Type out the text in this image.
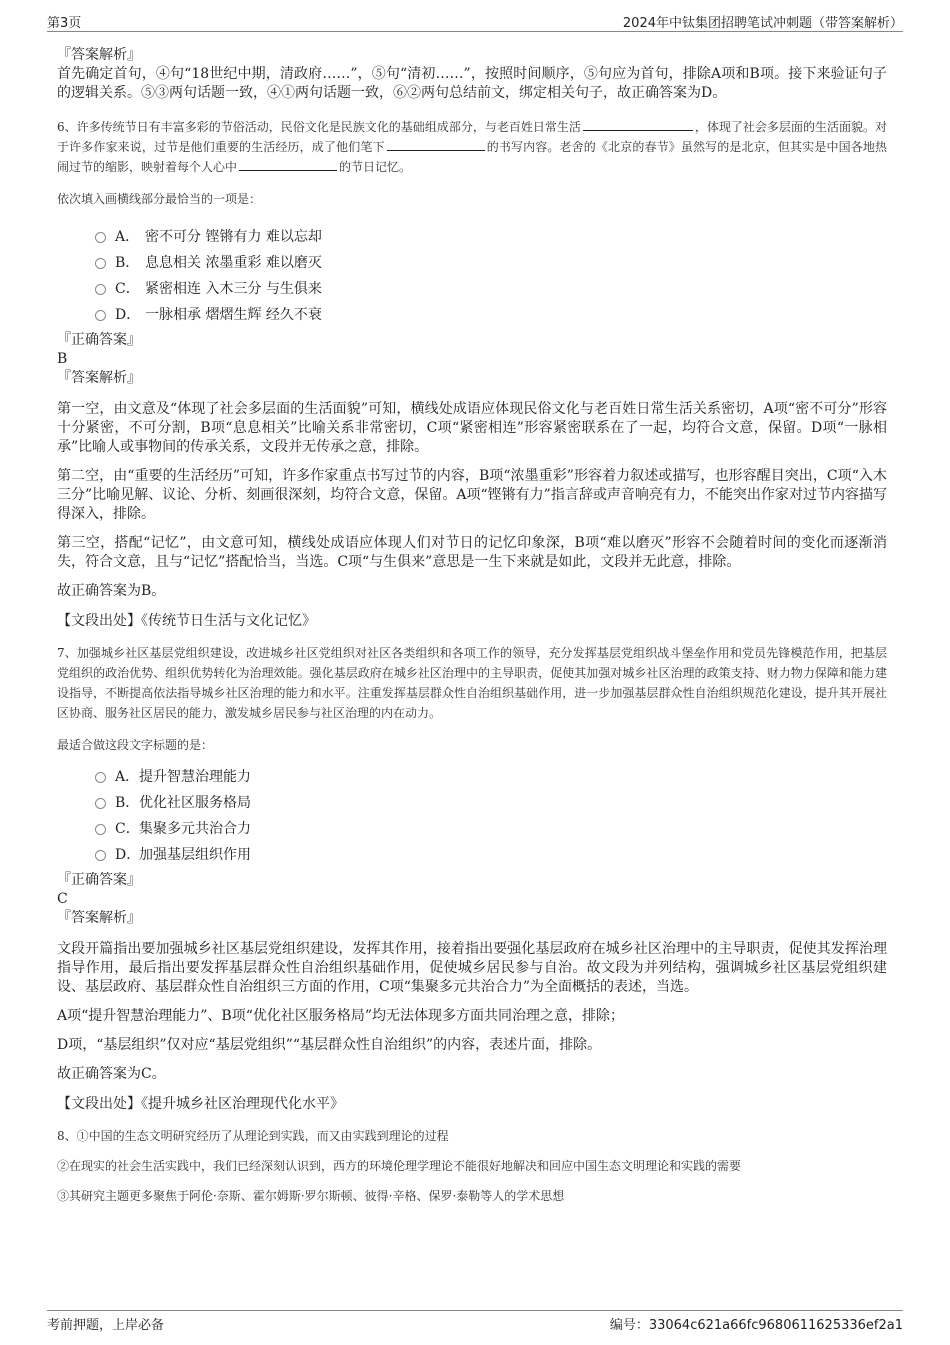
第3页	2024年中钛集团招聘笔试冲刺题（带答案解析）

『答案解析』

首先确定首句，④句“18世纪中期，清政府……”，⑤句“清初……”，按照时间顺序，⑤句应为首句，排除A项和B项。接下来验证句子的逻辑关系。⑤③两句话题一致，④①两句话题一致，⑥②两句总结前文，绑定相关句子，故正确答案为D。

6、许多传统节日有丰富多彩的节俗活动，民俗文化是民族文化的基础组成部分，与老百姓日常生活	，体现了社会多层面的生活面貌。对于许多作家来说，过节是他们重要的生活经历，成了他们笔下	的书写内容。老舍的《北京的春节》虽然写的是北京，但其实是中国各地热闹过节的缩影，映射着每个人心中	的节日记忆。

依次填入画横线部分最恰当的一项是：

A． 密不可分 铿锵有力 难以忘却
B． 息息相关 浓墨重彩 难以磨灭
C． 紧密相连 入木三分 与生俱来
D． 一脉相承 熠熠生辉 经久不衰

『正确答案』

B

『答案解析』

第一空，由文意及“体现了社会多层面的生活面貌”可知，横线处成语应体现民俗文化与老百姓日常生活关系密切，A项“密不可分”形容十分紧密，不可分割，B项“息息相关”比喻关系非常密切，C项“紧密相连”形容紧密联系在了一起，均符合文意，保留。D项“一脉相承”比喻人或事物间的传承关系，文段并无传承之意，排除。

第二空，由“重要的生活经历”可知，许多作家重点书写过节的内容，B项“浓墨重彩”形容着力叙述或描写，也形容醒目突出，C项“入木三分”比喻见解、议论、分析、刻画很深刻，均符合文意，保留。A项“铿锵有力”指言辞或声音响亮有力，不能突出作家对过节内容描写得深入，排除。

第三空，搭配“记忆”，由文意可知，横线处成语应体现人们对节日的记忆印象深，B项“难以磨灭”形容不会随着时间的变化而逐渐消失，符合文意，且与“记忆”搭配恰当，当选。C项“与生俱来”意思是一生下来就是如此，文段并无此意，排除。

故正确答案为B。

【文段出处】《传统节日生活与文化记忆》

7、加强城乡社区基层党组织建设，改进城乡社区党组织对社区各类组织和各项工作的领导，充分发挥基层党组织战斗堡垒作用和党员先锋模范作用，把基层党组织的政治优势、组织优势转化为治理效能。强化基层政府在城乡社区治理中的主导职责，促使其加强对城乡社区治理的政策支持、财力物力保障和能力建设指导，不断提高依法指导城乡社区治理的能力和水平。注重发挥基层群众性自治组织基础作用，进一步加强基层群众性自治组织规范化建设，提升其开展社区协商、服务社区居民的能力，激发城乡居民参与社区治理的内在动力。

最适合做这段文字标题的是：

A． 提升智慧治理能力
B． 优化社区服务格局
C． 集聚多元共治合力
D．
加强基层组织作用

『正确答案』

C

『答案解析』

文段开篇指出要加强城乡社区基层党组织建设，发挥其作用，接着指出要强化基层政府在城乡社区治理中的主导职责，促使其发挥治理指导作用，最后指出要发挥基层群众性自治组织基础作用，促使城乡居民参与自治。故文段为并列结构，强调城乡社区基层党组织建设、基层政府、基层群众性自治组织三方面的作用，C项“集聚多元共治合力”为全面概括的表述，当选。

A项“提升智慧治理能力”、B项“优化社区服务格局”均无法体现多方面共同治理之意，排除；

D项，“基层组织”仅对应“基层党组织”“基层群众性自治组织”的内容，表述片面，排除。

故正确答案为C。

【文段出处】《提升城乡社区治理现代化水平》

8、①中国的生态文明研究经历了从理论到实践，而又由实践到理论的过程

②在现实的社会生活实践中，我们已经深刻认识到，西方的环境伦理学理论不能很好地解决和回应中国生态文明理论和实践的需要

③其研究主题更多聚焦于阿伦·奈斯、霍尔姆斯·罗尔斯顿、彼得·辛格、保罗·泰勒等人的学术思想

考前押题，上岸必备	编号：33064c621a66fc9680611625336ef2a1
